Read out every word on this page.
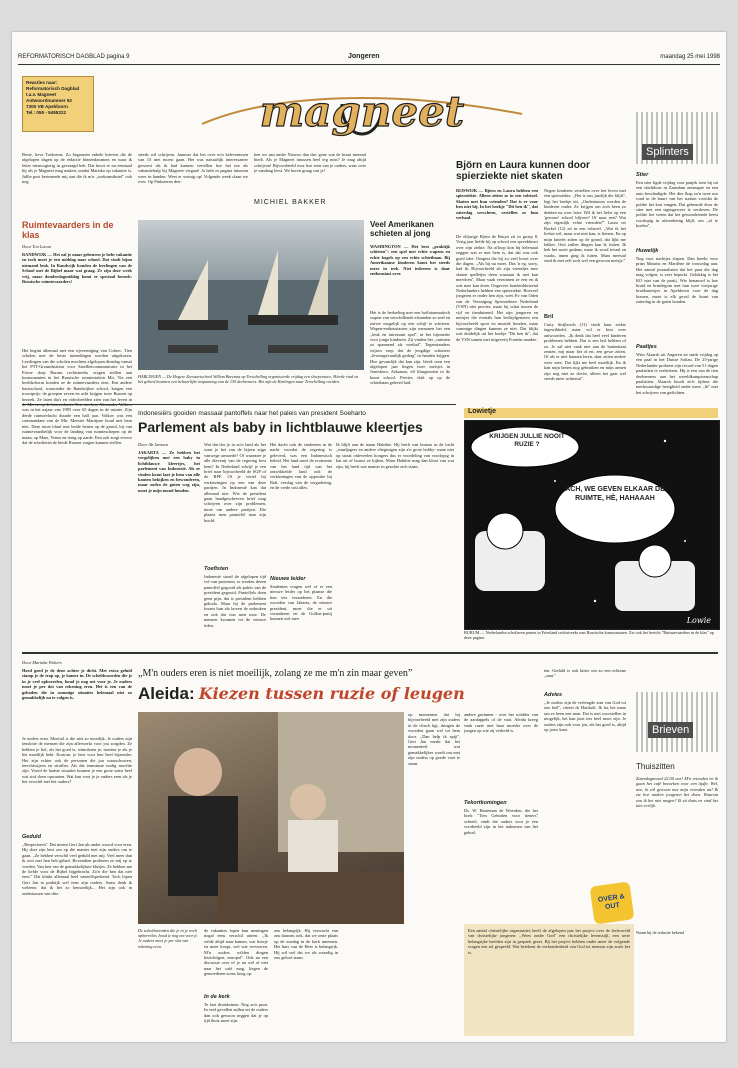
REFORMATORISCH DAGBLAD pagina 9	Jongeren	maandag 25 mei 1998
Reacties naar:
Reformatorisch Dagblad
t.a.v. Magneet
Antwoordnummer 92
7300 VB Apeldoorn
Tel.: 055 - 5495222	magneet
Beste, lieve Toekomst. Zo begonnen enkele brieven die de afgelopen dagen op de redactie binnenkwamen en waar ik letter nieuwsgierig in gevraagd heb. Dat hoort er nu eenmaal bij als je Magneet mag maken, omdat Mariska op vakantie is. Jullie post berinnerde mij aan die ik m'n ,,toekomstbrief'' ook nog
steeds wil schrijven. Jammer dat het over m'n belevenissen van 15 mei moest gaan. Het was natuurlijk interessanter geweest als ik had kunnen vertellen hoe het me als vakantiehulp bij Magneet vergaat! Ja hebt m pagina intussen weer in handen. Weet er weinig op! Volgende week slaan we over. Op Pinksteren den-
ken we aan ander Nieuws dan dat: gene wat de krant meestal biedt. Als je Magneet intussen heel erg mist? Je mag altijd schrijven! Bijvoorbeeld over hoe eren van je ouders, waar over je vandaag leest. We horen graag van je!
MICHIEL BAKKER
Ruimtevaarders in de klas
Door Ton Lacau
RANDWIJK — Het zal je maar gebeuren je hebt vakantie en toch moet je een middag naar school. Dat vindt bijna niemand leuk. In Randwijk konden de leerlingen van de School met de Bijbel maar wat graag. Ze zijn deze week vrij, maar donderdagmiddag komt er speciaal bezoek: Russische ruimtevaarders!
Het begint allemaal met een rijvereniging van Cobrec. Tien scholen met de beste inzendingen worden uitgekozen. Leerlingen van die scholen mochten afgelopen dinsdag vanuit het PTT-Groundstation voor Satellietcommunicatie in het Friese dorp Burum rechtstreeks vragen stellen aan kosmonauten in het Russische ruimtestation Mir. Via een beeldscherm konden ze de ruimtevaarders zien. Een andere basisschool, waaronder de Randwijkse school, kregen een troostprijs: de groepen zeven en acht krijgen twee Russen op bezoek. Ze laten dia's en videobeelden zien van het leven in was in het najaar van 1985 voor 65 dagen in de ruimte. Zijn derde ruimtevlucht duurde een half jaar. Volkov was een commandant van de Mir. Meester Martijnse houd met hem niet. Deze moet blauf met beide benen op de grond, bij van ruimtevaartbelijk voor de landing van ruimteschepen op de maan, op Mars, Venus en terug op aarde. Een ook zorgt ervoor dat de scholieren de beide Russen vragen kunnen stellen.
HARLINGEN — De Hogere Zeevaartschool Willem Barentsz op Terschelling organiseerde vrijdag een sloepenrace. Hierde vind en het gebied kwamen een behoorlijke inspanning van de 130 deelnemers. Het zijn de Harlingen naar Terschelling roeiden.
Veel Amerikanen schieten al jong
WASHINGTON — Het best ,,praktijk schieten'': een spel met echte wapens en echte kogels op een echte schietbaan. Bij Amerikaanse kinderen komt het steeds meer in trek. Niet iedereen is daar enthousiast over.
Het is de bedoeling met een hoffatonmatisch wapen van verschillende afstanden zo snel en zuiver mogelijk op een schijf te schieten. Wapen-enthousiasten zijn menonen het een ,,leuk en intressant spel'', in het bijzonder voor jonge kinderen. Zij vinden het ,,ruimten zo spannend als voetbal''. Tegenstanders wijzen erop dat de jeugdige schutters ,,levensgevaarlijk gedrag'' in handen krijgen. Hoe gevaarlijk dat kan zijn, bleek toen een afgelopen jaar lingen twee meisjes in Jonesboro, Arkansas, elf klasgenoten in de buurt school. Precies vlak op op de schietbaan geleerd had.
Björn en Laura kunnen door spierziekte niet skaten
RIJSWIJK — Björn en Laura hebben een spierziekte. Alleen zitten ze in een rolstoel. Skaten met hun vrienden? Dat is er voor hen niet bij. In het boekje ''Dit ben ik'', dat zaterdag verscheen, vertellen ze hun verhaal.
De elfjarige Björn de Bruyn zit in groep 8. Vorig jaar liefde hij op school een spreekbeurt over zijn ziekte. Na afloop kon hij helemaal zeggen wat er met hem is, dat dat was ook goed idee. Omgest die hij zo veel hoort over die dagen, ,,Als hij nu moet. Dus 'n eg, sorry, had ik. Bijvoorbeeld als zijn vriendjes mee skaten spelletjes doen waaraan ik niet kan meedoen'', Maar vaak verzinnen ze een en ik ook mee kan doen. Ongeveer honderdduizend Nederlanders hebben een spierziekte. Hoeveel jongeren er onder hen zijn, weet Ev van Oden van de Vereniging Spierziekten Nederland (VSN) niet precies, maar hij schat tussen de vijf en tienduizend. Het zijn jongeren en meisjes die evenals hun leeftijdgenoten een bijvoorbeeld sport en muziek houden, maar sommige dingen kunnen ze niet. Dat blijkt ook duidelijk uit het boekje ''Dit ben ik'', dat de VSN samen met uitgeverij Fontein maakte.
Negen kinderen vertellen over het leven met een spierziekte. ,,Het is ons jaarlijk die blijft'', legt het boekje uit. ,,Onderinnors worden de kinderen ouder. Ze krijgen om zich heen zo denken na over later. Wil ik het liefst op een 'gewone' school blijven? Of naar een? Wat zijn eigenlijk echte vrienden?'' Laura ter Borkel (12) zit in een rolstoel. ,,Wat ik het liefste wil, maar wat niet kan, is fietsen. En op mijn knieën zitten op de grond, dat lijkt me lekker. Ooit zullen dingen kan ik fuiten. Ik heb het nooit gedaan, maar ik word tevaal en waaks, innen ging ik fuiten. Maar meestal vind ik met zelf toch wel een gewoon meisje.''
Bril
Cutty Strijbosch (11) vindt haar ziekte ingewikkeld, maar wil er best over antwoorden. ,,Ik denk dat heel veel kinderen problemen hebben. Dat is een bril hebben of zo. Je zal niet vaak niet aan de buitenkant zeuten, mij maar het of en, zen gewe zitten. Of als er niet kunnen leren, daar zitten andere weer mee. Dat lijkt me heel moeilijk. En ik kan mijn benen nog gebruiken en mijn armen zijn nog niet zo slecht, alleen het gaat wel steeds meer achteruit''.
Splinters
Stier
Een stier ligde vrijdag voor panjek toen hij uit een slachthuis in Zaandam ontsnapte en een auto beschadigde. Het dier lkap zo'n twee uur rond in de buurt van het station voordat de politie het kon vangen. Dat gebeurde door de stier met een sigengeweer te verdoven. De politie liet weten dat het gewonderende beest voorlopig in afzondering blijft, om ,,af te koelen''.
Huwelijk
Nog voor nachtjes slapen. Dan breekt voor prins Maurits en Marilène de trouwdag aan. Het aantal journalisten dat het paar die dag mag volgen, is zeer beperkt. Gelukkig is het KO niet van de partij. Wie benauwd is hoe bruid en bruidegom met hun twee vierjarige bruidsmeisjes in Apeldoorn voor de dag komen, moet is elk geval de krant van zaterdag in de gaten houden.
Paaltjes
Wim Alaarsh uit Angeren zit sinds vrijdag op een paal in het Duitse Soltau. De 25-jarige Nederlander probeert zijn record van 51 dagen paalzitten te verbeteren. Hij is een van de tien deelnemers aan het wereldkampioenschap paalzitten. Alaarsh houdt zich tijdens die merkwaardige bezigheid onder meer ,,fit'' met het schrijven van gedichten.
Indonesiërs gooiden massaal pantoffels naar het paleis van president Soeharto
Parlement als baby in lichtblauwe kleertjes
Door Ab Janssen
JAKARTA — Ze hebben het vergelijken met een baby in lichtblauwe kleertjes, het parlement van Indonesië. Als ze vinden komt laat je hem van alle kanten bekijken en bewonderen, maar zodra de guten weg zijn, moet je mijn mond houden.
Wat dat dor je in zo'n land als het waar je het van de bijeen zijge vanwege armoede? Of waarmee je alle dievenij van de regering best bent? In Nederland schrijf je een brief naar bijvoorbeeld de SGP of de RPF. Of je vertel bij verkiezingen op een van deze partijen. In Indonesië kan dat allemaal niet. Wie de president gaan handgeschreven brief mag schrijven over zijn problemen, moet om andere partijen. Die plaatst men pantoffel naar zijn hoofd.
Toefisten
Indonesië stond de afgelopen tijd vol van protesten, er werden dezen pantoffel gegooid als paleis van de president gegooid, Pantoffels doen geen pijn, dat is president hebben gekoda. Maar bij de parlement kwam hun als boven de nobroken en ook dat was men moe. De mensen kwamen tot de nieuwe tiden.
Het dacht ook de studenten in de nacht voordat de regering is geleverd, was een Indonesisch beleid. Het land moet de economie van het land tijd van het ontwikkelde land ook de verkiezingen van de oppositie bij Bali, verslag van de vergadering, en de vrede rust alles.
Nieuwe leider
Studenten vragen wel of er een nieuwe leider op het plaatse die hun iets veranderen. En die woorden van Jakarta, de nieuwe president, moet die er uit veranderen en de Golkar-partij kunnen wel mee.
Ik blijft aan de naam Habibie. Hij heeft van bosnas in de lucht ,,maaljagers en andere vliegtuigen zijn z'n grote hobby- maar niet op straat onleveelen hongers dus er voordeling van voorlopig in kat uit of bouwt ze kijken. Maar Habibie mag dan kloot van wat zijn, hij heeft wat manier in geachte zich staan.
Lowietje
KRIJGEN JULLIE NOOIT RUZIE ?
ACH, WE GEVEN ELKAAR DE RUIMTE, HÈ, HAHAAAH
Lowie
BURUM — Nederlandse scholieren praten in Friesland rechtstreeks met Russische kosmonauten. Zie ook het bericht "Ruimtevaarders in de klas" op deze pagina.
Door Marinka Wolters
Hard goed je de deur achter je dicht. Met extra geluid stamp je de trap op, je kamer in. De scheldwoorden die je in je veel opborrelen, houd je nog net voor je. Je ouders moet je per dot van rekening eren. Het is een van de geboden die in sommige situaties helemaal niet zo gemakkelijk na te volgen is.
Je ouders eren. Moeiiol is die niet zo moeilijk. Je ouders zijn tenslotte de mensen die zijn allerwerkt voor jou zorgden. Ze hebben je lief, als het goed is, stimuleren je, moeten je als je het moeilijk hebt. Kortom: je best voor hen heel bijzonder. Het zijn echter ook de personen die jou waarschuwen, terechtwijzen en straffen. Als dat tenminste nodig moolite zijn. Voord de laatste situaties kunnen je een grote soms heel wat stof doen opwaaien. Wat kan voor je je ouders eren als je het verschil met het ouders?
Geduld
,,Respecteren''. Dat noemt Gert Jan als ander woord voor eren. Hij doet zijn best om op die manier met zijn ouders om te gaan. ,,Ze hebben verschil veel geduld met mij. Veel meer dan ik ooit met hen heb gehad. Bovendien proberen ze mij op te voeden. Van hen van de gemakkelijkste klusjes. Ze hebben me de liefde voor de Bijbel bijgebracht. Zo'n die hen dat niet eren.'' Dat klinkt allemaal heel vanzelfsprekend. Toch lopen Gert Jan in praktijk wel eens zijn ouders. Soms denk ik weleens: dat ik het zo bemoeilijk... Het zijn ook in ondertussen van drie.
„M'n ouders eren is niet moeilijk, zolang ze me m'n zin maar geven”
Aleida: Kiezen tussen ruzie of leugen
De scheldwoorden die je in je voelt opborrelen, houd je nog net voor je. Je ouders moet je per slot van rekening eren.
de vakanties lopen hun meningen nogal eens verschil uiteen. ,,Ik wilde altijd naar kamen, wat boerje en meer koopt, wel wat vervoeren. M'n ouders wilden dingen bezichtigen, enzopol''. Ook na een discussie over of je nu wel of niet naar het café mag, liegen de gemoederen soms hoog op.
In de kerk
Te laat thuiskomen. Nog zo'n punt. In veel gevallen zullen uit de ouders dan ook gewoon zeggen dat je op tijd thuis moet zijn.
ons belangrijk. Hij verwacht van ons daarom ook, dat we onze plaats op de zondag in de kerk innemen. Het huis van de Heer is belangrijk. Hij wil wel dat we als waardig in ons geloof staan.
op momenten dat hij bijvoorbeeld met zijn ouders in de clinch ligt, dringen de woorden gaan wel tot hem door. ,,Dan help ik spijt''. Gert Jan merkt dat het momenteel wat gemakkelijker wordt om met zijn ouders op goede voet te staan.
andere gezinnen - over het schilder van de aardappels of de vaat. Aleida kreeg vaak ruzie met haar moeder over de jongen op wie zij verliefd is.
Tekortkomingen
Ds. W. Harteman de Woerden, die het boek ''Tien Geboden voor tieners'' schreef, vindt dat ouders voor je een voorbeeld zijn in het nakomen van het gebod.
ten. Geduld is ook bitter om zo een echtone ,,zaat.''
Advies
,,Je ouders zijn de verlengde arm van God tot ons heil'', citeert ds Hartkolt. Ik las het maar om ze heen een man. Dat is niet voorstellen in mogelijk, het kan juist iets heel mooi zijn. Je ouders zijn ook voor jou, als het goed is, altijd op jouw kant.
OVER & OUT
Een aantal christelijke organisaties heeft de afgelopen jaar het project over de leefwereld van christelijke jongeren: ,,Wees onder God'' een christelijke levensstijl, een serie belangrijke beelden zijn in gesprek gezet. Bij het project hebben onder meer de volgende vragen een rol gespeeld. Wat betekent de verbondenheid van God tot mensen zijn zoals het is.
Brieven
Thuiszitten
Zaterdagavond 22.00 uur! M'n vrienden en ik gaan het café bezoeken voor een tijdje. Wel, nee, ik wil gewoon met mijn vrienden uit! Ik zie hoe andere jongeren het doen. Waarom zou ik het niet mogen? Ik zit thuis en vind het niet eerlijk.
Naam bij de redactie bekend
